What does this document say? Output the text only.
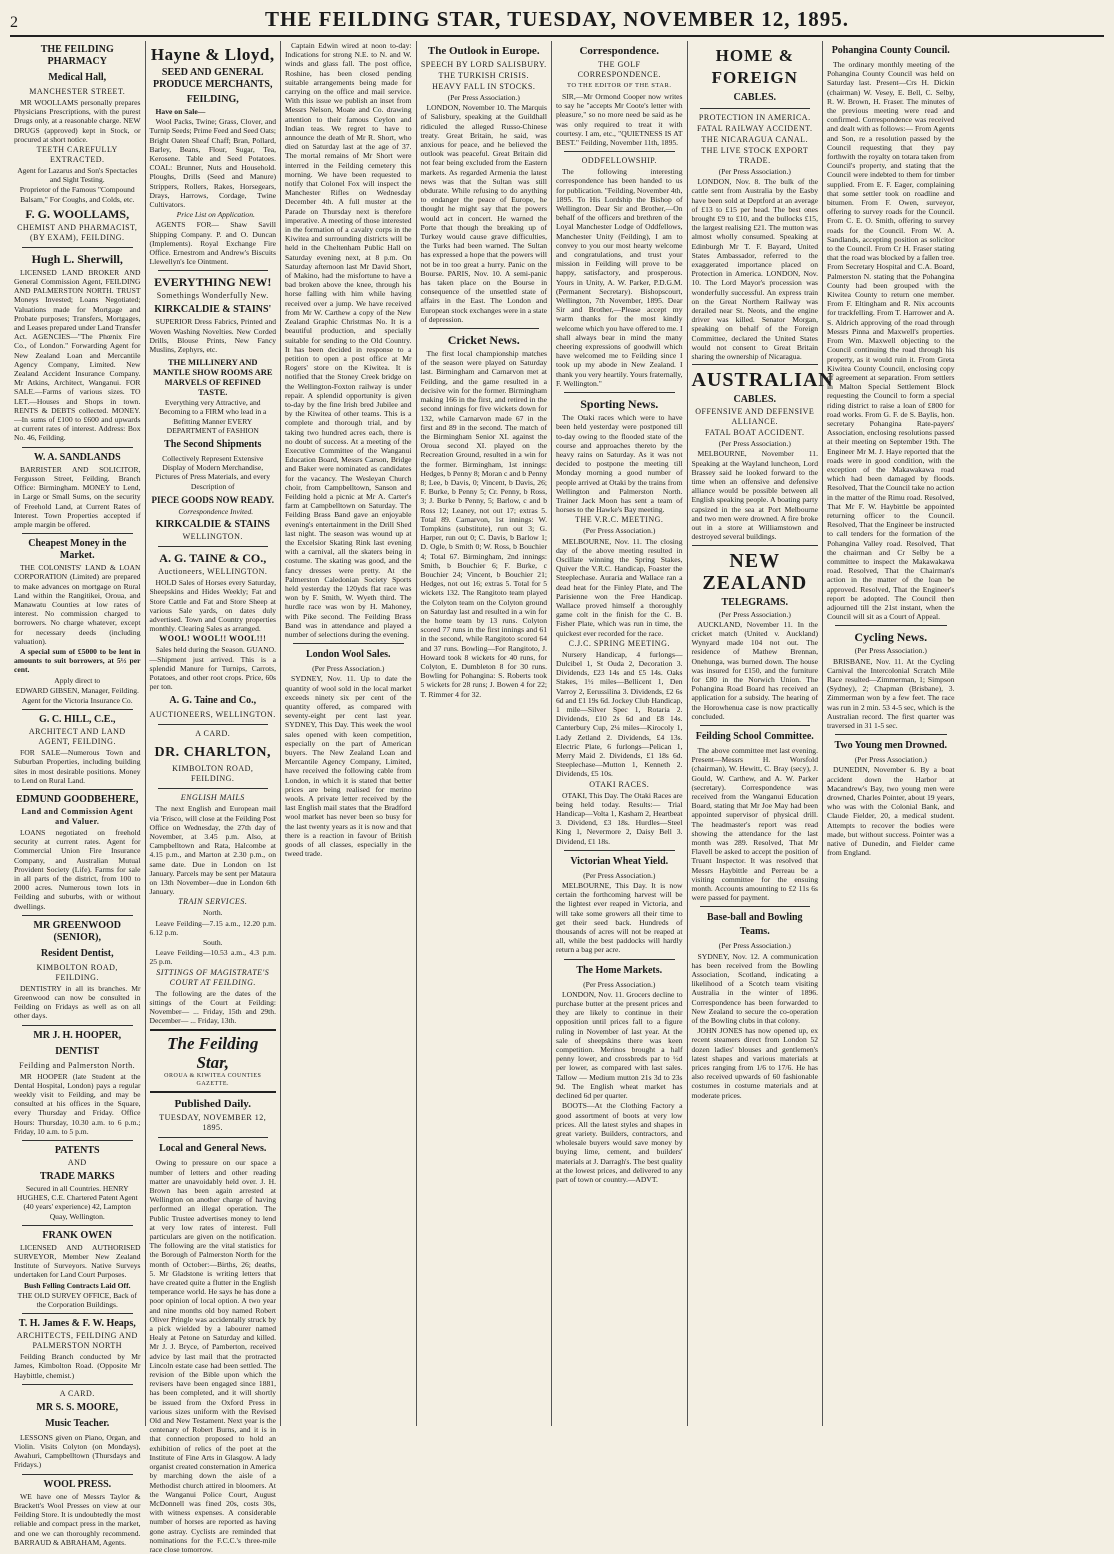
2	THE FEILDING STAR, TUESDAY, NOVEMBER 12, 1895.
THE FEILDING PHARMACY
Medical Hall,
MANCHESTER STREET.

MR WOOLLAMS personally prepares Physicians Prescriptions, with the purest Drugs only, at a reasonable charge. NEW DRUGS (approved) kept in Stock, or procured at short notice.

TEETH CAREFULLY EXTRACTED.

Agent for Lazarus and Son's Spectacles and Sight Testing.

Proprietor of the Famous "Compound Balsam," For Coughs, and Colds, etc.

F. G. WOOLLAMS,
CHEMIST AND PHARMACIST, (BY EXAM), FEILDING.
Hugh L. Sherwill,

LICENSED LAND BROKER AND General Commission Agent, FEILDING AND PALMERSTON NORTH. TRUST Moneys Invested; Loans Negotiated; Valuations made for Mortgage and Probate purposes; Transfers, Mortgages, and Leases prepared under Land Transfer Act. AGENCIES—"The Phœnix Fire Co., of London." Forwarding Agent for New Zealand Loan and Mercantile Agency Company, Limited. New Zealand Accident Insurance Company. Mr Atkins, Architect, Wanganui. FOR SALE.—Farms of various sizes. TO LET.—Houses and Shops in town. RENTS & DEBTS collected. MONEY.—In sums of £100 to £600 and upwards at current rates of interest. Address: Box No. 46, Feilding.

W. A. SANDLANDS

BARRISTER AND SOLICITOR, Fergusson Street, Feilding. Branch Office: Birmingham. MONEY to Lend, in Large or Small Sums, on the security of Freehold Land, at Current Rates of Interest. Town Properties accepted if ample margin be offered.

Cheapest Money in the Market.

THE COLONISTS' LAND & LOAN CORPORATION (Limited) are prepared to make advances on mortgage on Rural Land within the Rangitikei, Oroua, and Manawatu Counties at low rates of interest. No commission charged to borrowers. No charge whatever, except for necessary deeds (including valuation).

A special sum of £5000 to be lent in amounts to suit borrowers, at 5½ per cent.

Apply direct to

EDWARD GIBSEN, Manager, Feilding.

Agent for the Victoria Insurance Co.

G. C. HILL, C.E.,
ARCHITECT AND LAND AGENT, FEILDING.

FOR SALE—Numerous Town and Suburban Properties, including building sites in most desirable positions. Money to Lend on Rural Land.

EDMUND GOODBEHERE,
Land and Commission Agent and Valuer.

LOANS negotiated on freehold security at current rates. Agent for Commercial Union Fire Insurance Company, and Australian Mutual Provident Society (Life). Farms for sale in all parts of the district, from 100 to 2000 acres. Numerous town lots in Feilding and suburbs, with or without dwellings.

MR GREENWOOD (SENIOR),
Resident Dentist,
KIMBOLTON ROAD, FEILDING.

DENTISTRY in all its branches. Mr Greenwood can now be consulted in Feilding on Fridays as well as on all other days.

MR J. H. HOOPER,
DENTIST
Feilding and Palmerston North.

MR HOOPER (late Student at the Dental Hospital, London) pays a regular weekly visit to Feilding, and may be consulted at his offices in the Square, every Thursday and Friday. Office Hours: Thursday, 10.30 a.m. to 6 p.m.; Friday, 10 a.m. to 5 p.m.

PATENTS
AND
TRADE MARKS

Secured in all Countries. HENRY HUGHES, C.E. Chartered Patent Agent (40 years' experience) 42, Lampton Quay, Wellington.

FRANK OWEN

LICENSED AND AUTHORISED SURVEYOR, Member New Zealand Institute of Surveyors. Native Surveys undertaken for Land Court Purposes.

Bush Felling Contracts Laid Off.

THE OLD SURVEY OFFICE, Back of the Corporation Buildings.

T. H. James & F. W. Heaps,
ARCHITECTS, FEILDING AND PALMERSTON NORTH

Feilding Branch conducted by Mr James, Kimbolton Road. (Opposite Mr Haybittle, chemist.)

A CARD.
MR S. S. MOORE,
Music Teacher.

LESSONS given on Piano, Organ, and Violin. Visits Colyton (on Mondays), Awahuri, Campbelltown (Thursdays and Fridays.)

WOOL PRESS.

WE have one of Messrs Taylor & Brackett's Wool Presses on view at our Feilding Store. It is undoubtedly the most reliable and compact press in the market, and one we can thoroughly recommend. BARRAUD & ABRAHAM, Agents.

Hayne & Lloyd,
SEED AND GENERAL PRODUCE MERCHANTS,
FEILDING,

Have on Sale—

Wool Packs, Twine; Grass, Clover, and Turnip Seeds; Prime Feed and Seed Oats; Bright Oaten Sheaf Chaff; Bran, Pollard, Barley, Beans, Flour, Sugar, Tea, Kerosene. Table and Seed Potatoes. COAL: Brunner, Nuts and Household. Ploughs, Drills (Seed and Manure) Strippers, Rollers, Rakes, Horsegears, Drays, Harrows, Cordage, Twine Cultivators.

Price List on Application.

AGENTS FOR— Shaw Savill Shipping Company. P. and O. Duncan (Implements). Royal Exchange Fire Office. Ernestrom and Andrew's Biscuits Llewellyn's Ice Ointment.

EVERYTHING NEW!
Somethings Wonderfully New.
KIRKCALDIE & STAINS'

SUPERIOR Dress Fabrics, Printed and Woven Washing Novelties. New Corded Drills, Blouse Prints, New Fancy Muslins, Zephyrs, etc.

THE MILLINERY AND MANTLE SHOW ROOMS ARE MARVELS OF REFINED TASTE.

Everything very Attractive, and Becoming to a FIRM who lead in a Befitting Manner EVERY DEPARTMENT of FASHION

The Second Shipments

Collectively Represent Extensive Display of Modern Merchandise, Pictures of Press Materials, and every Description of

PIECE GOODS NOW READY.

Correspondence Invited.

KIRKCALDIE & STAINS
WELLINGTON.
A. G. TAINE & CO.,
Auctioneers, WELLINGTON.

HOLD Sales of Horses every Saturday, Sheepskins and Hides Weekly; Fat and Store Cattle and Fat and Store Sheep at various Sale yards, on dates duly advertised. Town and Country properties monthly. Clearing Sales as arranged.

WOOL! WOOL!! WOOL!!!

Sales held during the Season. GUANO.—Shipment just arrived. This is a splendid Manure for Turnips, Carrots, Potatoes, and other root crops. Price, 60s per ton.

A. G. Taine and Co.,
AUCTIONEERS, WELLINGTON.
A CARD.
DR. CHARLTON,
KIMBOLTON ROAD, FEILDING.
ENGLISH MAILS

The next English and European mail via 'Frisco, will close at the Feilding Post Office on Wednesday, the 27th day of November, at 3.45 p.m. Also, at Campbelltown and Rata, Halcombe at 4.15 p.m., and Marton at 2.30 p.m., on same date. Due in London on 1st January. Parcels may be sent per Mataura on 13th November—due in London 6th January.

TRAIN SERVICES.

North.

Leave Feilding—7.15 a.m., 12.20 p.m. 6.12 p.m.

South.

Leave Feilding—10.53 a.m., 4.3 p.m. 25 p.m.

SITTINGS OF MAGISTRATE'S COURT AT FEILDING.

The following are the dates of the sittings of the Court at Feilding: November— ... Friday, 15th and 29th. December— ... Friday, 13th.

The Feilding Star,
OROUA & KIWITEA COUNTIES GAZETTE.
Published Daily.
TUESDAY, NOVEMBER 12, 1895.
Local and General News.

Owing to pressure on our space a number of letters and other reading matter are unavoidably held over. J. H. Brown has been again arrested at Wellington on another charge of having performed an illegal operation. The Public Trustee advertises money to lend at very low rates of interest. Full particulars are given on the notification. The following are the vital statistics for the Borough of Palmerston North for the month of October:—Births, 26; deaths, 5. Mr Gladstone is writing letters that have created quite a flutter in the English temperance world. He says he has done a poor opinion of local option. A two year and nine months old boy named Robert Oliver Pringle was accidentally struck by a pick wielded by a labourer named Healy at Petone on Saturday and killed. Mr J. J. Bryce, of Pamberton, received advice by last mail that the protracted Lincoln estate case had been settled. The revision of the Bible upon which the revisers have been engaged since 1881, has been completed, and it will shortly be issued from the Oxford Press in various sizes uniform with the Revised Old and New Testament. Next year is the centenary of Robert Burns, and it is in that connection proposed to hold an exhibition of relics of the poet at the Institute of Fine Arts in Glasgow. A lady organist created consternation in America by marching down the aisle of a Methodist church attired in bloomers. At the Wanganui Police Court, August McDonnell was fined 20s, costs 30s, with witness expenses. A considerable number of horses are reported as having gone astray. Cyclists are reminded that nominations for the F.C.C.'s three-mile race close tomorrow.

Captain Edwin wired at noon to-day: Indications for strong N.E. to N. and W. winds and glass fall. The post office, Roshine, has been closed pending suitable arrangements being made for carrying on the office and mail service. With this issue we publish an inset from Messrs Nelson, Moate and Co. drawing attention to their famous Ceylon and Indian teas. We regret to have to announce the death of Mr R. Short, who died on Saturday last at the age of 37. The mortal remains of Mr Short were interred in the Feilding cemetery this morning. We have been requested to notify that Colonel Fox will inspect the Manchester Rifles on Wednesday December 4th. A full muster at the Parade on Thursday next is therefore imperative. A meeting of those interested in the formation of a cavalry corps in the Kiwitea and surrounding districts will be held in the Cheltenham Public Hall on Saturday evening next, at 8 p.m. On Saturday afternoon last Mr David Short, of Makino, had the misfortune to have a bad broken above the knee, through his horse falling with him while having received over a jump. We have received from Mr W. Carthew a copy of the New Zealand Graphic Christmas No. It is a beautiful production, and specially suitable for sending to the Old Country. It has been decided in response to a petition to open a post office at Mr Rogers' store on the Kiwitea. It is notified that the Stoney Creek bridge on the Wellington-Foxton railway is under repair. A splendid opportunity is given to-day by the fine Irish bred Jubilee and by the Kiwitea of other teams. This is a complete and thorough trial, and by taking two hundred acres each, there is no doubt of success. At a meeting of the Executive Committee of the Wanganui Education Board, Messrs Carson, Bridge and Baker were nominated as candidates for the vacancy. The Wesleyan Church choir, from Campbelltown, Sanson and Feilding hold a picnic at Mr A. Carter's farm at Campbelltown on Saturday. The Feilding Brass Band gave an enjoyable evening's entertainment in the Drill Shed last night. The season was wound up at the Excelsior Skating Rink last evening with a carnival, all the skaters being in costume. The skating was good, and the fancy dresses were pretty. At the Palmerston Caledonian Society Sports held yesterday the 120yds flat race was won by F. Smith, W. Wyeth third. The hurdle race was won by H. Mahoney, with Pike second. The Feilding Brass Band was in attendance and played a number of selections during the evening.

London Wool Sales.

(Per Press Association.)

SYDNEY, Nov. 11. Up to date the quantity of wool sold in the local market exceeds ninety six per cent of the quantity offered, as compared with seventy-eight per cent last year. SYDNEY, This Day. This week the wool sales opened with keen competition, especially on the part of American buyers. The New Zealand Loan and Mercantile Agency Company, Limited, have received the following cable from London, in which it is stated that better prices are being realised for merino wools. A private letter received by the last English mail states that the Bradford wool market has never been so busy for the last twenty years as it is now and that there is a reaction in favour of British goods of all classes, especially in the tweed trade.

The Outlook in Europe.
SPEECH BY LORD SALISBURY.
THE TURKISH CRISIS.
HEAVY FALL IN STOCKS.

(Per Press Association.)

LONDON, November 10. The Marquis of Salisbury, speaking at the Guildhall ridiculed the alleged Russo-Chinese treaty. Great Britain, he said, was anxious for peace, and he believed the outlook was peaceful. Great Britain did not fear being excluded from the Eastern markets. As regarded Armenia the latest news was that the Sultan was still obdurate. While refusing to do anything to endanger the peace of Europe, he thought he might say that the powers would act in concert. He warned the Porte that though the breaking up of Turkey would cause grave difficulties, the Turks had been warned. The Sultan has expressed a hope that the powers will not be in too great a hurry. Panic on the Bourse. PARIS, Nov. 10. A semi-panic has taken place on the Bourse in consequence of the unsettled state of affairs in the East. The London and European stock exchanges were in a state of depression.

Cricket News.

The first local championship matches of the season were played on Saturday last. Birmingham and Carnarvon met at Feilding, and the game resulted in a decisive win for the former. Birmingham making 166 in the first, and retired in the second innings for five wickets down for 132, while Carnarvon made 67 in the first and 89 in the second. The match of the Birmingham Senior XI. against the Oroua second XI. played on the Recreation Ground, resulted in a win for the former. Birmingham, 1st innings: Hedges, b Penny 8; Moran c and b Penny 8; Lee, b Davis, 0; Vincent, b Davis, 26; F. Burke, b Penny 5; Cr. Penny, b Ross, 3; J. Burke b Penny, 5; Barlow, c and b Ross 12; Leaney, not out 17; extras 5. Total 89. Carnarvon, 1st innings: W. Tompkins (substitute), run out 3; G. Harper, run out 0; C. Davis, b Barlow 1; D. Ogle, b Smith 0; W. Ross, b Bouchier 4; Total 67. Birmingham, 2nd innings: Smith, b Bouchier 6; F. Burke, c Bouchier 24; Vincent, b Bouchier 21; Hedges, not out 16; extras 5. Total for 5 wickets 132. The Rangitoto team played the Colyton team on the Colyton ground on Saturday last and resulted in a win for the home team by 13 runs. Colyton scored 77 runs in the first innings and 61 in the second, while Rangitoto scored 64 and 37 runs. Bowling—For Rangitoto, J. Howard took 8 wickets for 40 runs, for Colyton, E. Dumbleton 8 for 30 runs. Bowling for Pohangina: S. Roberts took 5 wickets for 28 runs; J. Bowen 4 for 22; T. Rimmer 4 for 32.

Correspondence.
THE GOLF CORRESPONDENCE.
TO THE EDITOR OF THE STAR.

SIR,—Mr Ormond Cooper now writes to say he "accepts Mr Coote's letter with pleasure," so no more need be said as he was only required to treat it with courtesy. I am, etc., "QUIETNESS IS AT BEST." Feilding, November 11th, 1895.

ODDFELLOWSHIP.

The following interesting correspondence has been handed to us for publication. "Feilding, November 4th, 1895. To His Lordship the Bishop of Wellington. Dear Sir and Brother,—On behalf of the officers and brethren of the Loyal Manchester Lodge of Oddfellows, Manchester Unity (Feilding), I am to convey to you our most hearty welcome and congratulations, and trust your mission in Feilding will prove to be happy, satisfactory, and prosperous. Yours in Unity, A. W. Parker, P.D.G.M. (Permanent Secretary). Bishopscourt, Wellington, 7th November, 1895. Dear Sir and Brother,—Please accept my warm thanks for the most kindly welcome which you have offered to me. I shall always bear in mind the many cheering expressions of goodwill which have welcomed me to Feilding since I took up my abode in New Zealand. I thank you very heartily. Yours fraternally, F. Wellington."

Sporting News.

The Otaki races which were to have been held yesterday were postponed till to-day owing to the flooded state of the course and approaches thereto by the heavy rains on Saturday. As it was not decided to postpone the meeting till Monday morning a good number of people arrived at Otaki by the trains from Wellington and Palmerston North. Trainer Jack Moon has sent a team of horses to the Hawke's Bay meeting.

THE V.R.C. MEETING.

(Per Press Association.)

MELBOURNE, Nov. 11. The closing day of the above meeting resulted in Oscillate winning the Spring Stakes, Quiver the V.R.C. Handicap, Foaster the Steeplechase. Auraria and Wallace ran a dead heat for the Finley Plate, and The Parisienne won the Free Handicap. Wallace proved himself a thoroughly game colt in the finish for the C. B. Fisher Plate, which was run in time, the quickest ever recorded for the race.

C.J.C. SPRING MEETING.

Nursery Handicap, 4 furlongs—Dulcibel 1, St Ouda 2, Decoration 3. Dividends, £23 14s and £5 14s. Oaks Stakes, 1½ miles—Bellicent 1, Den Varroy 2, Eerussilina 3. Dividends, £2 6s 6d and £1 19s 6d. Jockey Club Handicap, 1 mile—Silver Spec 1, Rotaria 2. Dividends, £10 2s 6d and £8 14s. Canterbury Cup, 2¼ miles—Kirocoly 1, Lady Zetland 2. Dividends, £4 13s. Electric Plate, 6 furlongs—Pelican 1, Merry Maid 2. Dividends, £1 18s 6d. Steeplechase—Mutton 1, Kenneth 2. Dividends, £5 10s.

OTAKI RACES.

OTAKI, This Day. The Otaki Races are being held today. Results:— Trial Handicap—Volta 1, Kasham 2, Heartbeat 3. Dividend, £3 18s. Hurdles—Steel King 1, Nevermore 2, Daisy Bell 3. Dividend, £1 18s.

Victorian Wheat Yield.

(Per Press Association.)

MELBOURNE, This Day. It is now certain the forthcoming harvest will be the lightest ever reaped in Victoria, and will take some growers all their time to get their seed back. Hundreds of thousands of acres will not be reaped at all, while the best paddocks will hardly return a bag per acre.

The Home Markets.

(Per Press Association.)

LONDON, Nov. 11. Grocers decline to purchase butter at the present prices and they are likely to continue in their opposition until prices fall to a figure ruling in November of last year. At the sale of sheepskins there was keen competition. Merinos brought a half penny lower, and crossbreds par to ½d per lower, as compared with last sales. Tallow — Medium mutton 21s 3d to 23s 9d. The English wheat market has declined 6d per quarter.

BOOTS—At the Clothing Factory a good assortment of boots at very low prices. All the latest styles and shapes in great variety. Builders, contractors, and wholesale buyers would save money by buying lime, cement, and builders' materials at J. Darragh's. The best quality at the lowest prices, and delivered to any part of town or country.—ADVT.

HOME & FOREIGN
CABLES.
PROTECTION IN AMERICA.
FATAL RAILWAY ACCIDENT.
THE NICARAGUA CANAL.
THE LIVE STOCK EXPORT TRADE.

(Per Press Association.)

LONDON, Nov. 8. The bulk of the cattle sent from Australia by the Easby have been sold at Deptford at an average of £13 to £15 per head. The best ones brought £9 to £10, and the bullocks £15, the largest realising £21. The mutton was almost wholly consumed. Speaking at Edinburgh Mr T. F. Bayard, United States Ambassador, referred to the exaggerated importance placed on Protection in America. LONDON, Nov. 10. The Lord Mayor's procession was wonderfully successful. An express train on the Great Northern Railway was derailed near St. Neots, and the engine driver was killed. Senator Morgan, speaking on behalf of the Foreign Committee, declared the United States would not consent to Great Britain sharing the ownership of Nicaragua.

AUSTRALIAN
CABLES.
OFFENSIVE AND DEFENSIVE ALLIANCE.
FATAL BOAT ACCIDENT.

(Per Press Association.)

MELBOURNE, November 11. Speaking at the Wayland luncheon, Lord Brassey said he looked forward to the time when an offensive and defensive alliance would be possible between all English speaking people. A boating party capsized in the sea at Port Melbourne and two men were drowned. A fire broke out in a store at Williamstown and destroyed several buildings.

NEW ZEALAND
TELEGRAMS.

(Per Press Association.)

AUCKLAND, November 11. In the cricket match (United v. Auckland) Wynyard made 104 not out. The residence of Mathew Brennan, Onehunga, was burned down. The house was insured for £150, and the furniture for £80 in the Norwich Union. The Pohangina Road Board has received an application for a subsidy. The hearing of the Horowhenua case is now practically concluded.

Feilding School Committee.

The above committee met last evening. Present—Messrs H. Worsfold (chairman), W. Hewitt, C. Bray (secy), J. Gould, W. Carthew, and A. W. Parker (secretary). Correspondence was received from the Wanganui Education Board, stating that Mr Joe May had been appointed supervisor of physical drill. The headmaster's report was read showing the attendance for the last month was 289. Resolved, That Mr Flavell be asked to accept the position of Truant Inspector. It was resolved that Messrs Haybittle and Perreau be a visiting committee for the ensuing month. Accounts amounting to £2 11s 6s were passed for payment.

Base-ball and Bowling Teams.

(Per Press Association.)

SYDNEY, Nov. 12. A communication has been received from the Bowling Association, Scotland, indicating a likelihood of a Scotch team visiting Australia in the winter of 1896. Correspondence has been forwarded to New Zealand to secure the co-operation of the Bowling clubs in that colony.

JOHN JONES has now opened up, ex recent steamers direct from London 52 dozen ladies' blouses and gentlemen's latest shapes and various materials at prices ranging from 1/6 to 17/6. He has also received upwards of 60 fashionable costumes in costume materials and at moderate prices.

Pohangina County Council.

The ordinary monthly meeting of the Pohangina County Council was held on Saturday last. Present—Crs H. Dickin (chairman) W. Vesey, E. Bell, C. Selby, R. W. Brown, H. Fraser. The minutes of the previous meeting were read and confirmed. Correspondence was received and dealt with as follows:— From Agents and Son, re a resolution passed by the Council requesting that they pay forthwith the royalty on totara taken from Council's property, and stating that the Council were indebted to them for timber supplied. From E. F. Eager, complaining that some settler took on roadline and bitumen. From F. Owen, surveyor, offering to survey roads for the Council. From C. E. O. Smith, offering to survey roads for the Council. From W. A. Sandlands, accepting position as solicitor to the Council. From Cr H. Fraser stating that the road was blocked by a fallen tree. From Secretary Hospital and C.A. Board, Palmerston N. stating that the Pohangina County had been grouped with the Kiwitea County to return one member. From F. Eltingham and R. Nix accounts for trackfelling. From T. Harrower and A. S. Aldrich approving of the road through Messrs Pinna and Maxwell's properties. From Wm. Maxwell objecting to the Council continuing the road through his property, as it would ruin it. From Greta Kiwitea County Council, enclosing copy of agreement at separation. From settlers in Malton Special Settlement Block requesting the Council to form a special riding district to raise a loan of £800 for road works. From G. F. de S. Baylis, hon. secretary Pohangina Rate-payers' Association, enclosing resolutions passed at their meeting on September 19th. The Engineer Mr M. J. Haye reported that the roads were in good condition, with the exception of the Makawakawa road which had been damaged by floods. Resolved, That the Council take no action in the matter of the Rimu road. Resolved, That Mr F. W. Haybittle be appointed returning officer to the Council. Resolved, That the Engineer be instructed to call tenders for the formation of the Pohangina Valley road. Resolved, That the chairman and Cr Selby be a committee to inspect the Makawakawa road. Resolved, That the Chairman's action in the matter of the loan be approved. Resolved, That the Engineer's report be adopted. The Council then adjourned till the 21st instant, when the Council will sit as a Court of Appeal.

Cycling News.

(Per Press Association.)

BRISBANE, Nov. 11. At the Cycling Carnival the Intercolonial Scratch Mile Race resulted—Zimmerman, 1; Simpson (Sydney), 2; Chapman (Brisbane), 3. Zimmerman won by a few feet. The race was run in 2 min. 53 4-5 sec, which is the Australian record. The first quarter was traversed in 31 1-5 sec.

Two Young men Drowned.

(Per Press Association.)

DUNEDIN, November 6. By a boat accident down the Harbor at Macandrew's Bay, two young men were drowned, Charles Pointer, about 19 years, who was with the Colonial Bank, and Claude Fielder, 20, a medical student. Attempts to recover the bodies were made, but without success. Pointer was a native of Dunedin, and Fielder came from England.
